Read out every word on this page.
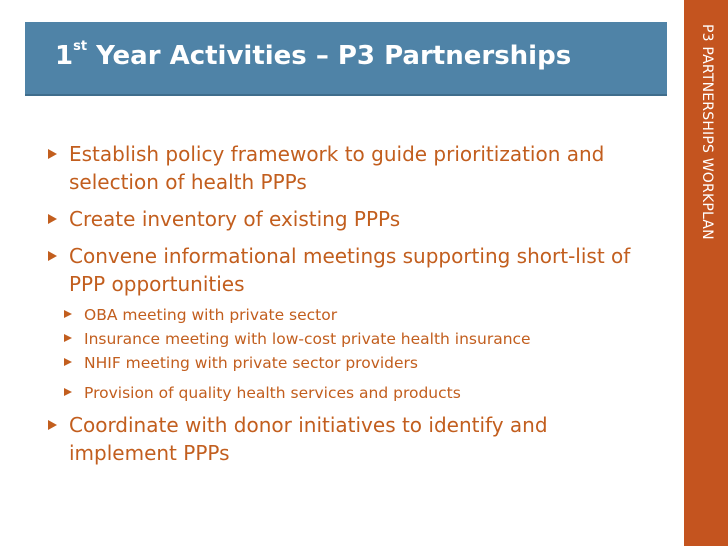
1st Year Activities – P3 Partnerships	P3 PARTNERSHIPS WORKPLAN
Establish policy framework to guide prioritization and selection of health PPPs
Create inventory of existing PPPs
Convene informational meetings supporting short-list of PPP opportunities
OBA meeting with private sector
Insurance meeting with low-cost private health insurance
NHIF meeting with private sector providers
Provision of quality health services and products
Coordinate with donor initiatives to identify and implement PPPs
